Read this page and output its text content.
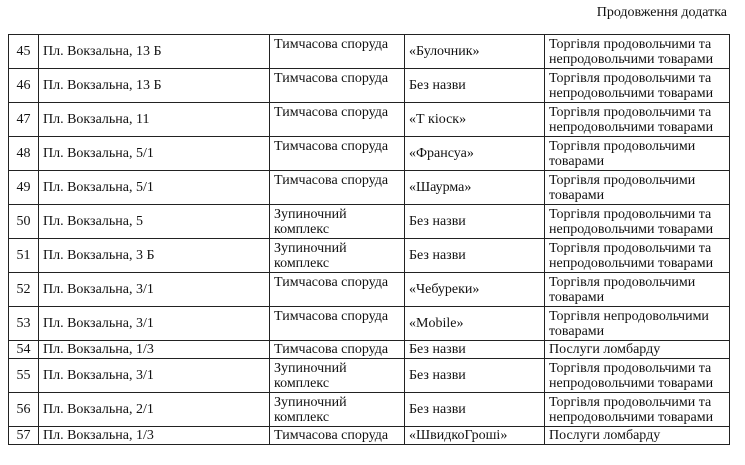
Продовження додатка
45	Пл. Вокзальна, 13 Б	Тимчасова споруда	«Булочник»	Торгівля продовольчими та непродовольчими товарами
46	Пл. Вокзальна, 13 Б	Тимчасова споруда	Без назви	Торгівля продовольчими та непродовольчими товарами
47	Пл. Вокзальна, 11	Тимчасова споруда	«Т кіоск»	Торгівля продовольчими та непродовольчими товарами
48	Пл. Вокзальна, 5/1	Тимчасова споруда	«Франсуа»	Торгівля продовольчими товарами
49	Пл. Вокзальна, 5/1	Тимчасова споруда	«Шаурма»	Торгівля продовольчими товарами
50	Пл. Вокзальна, 5	Зупиночний комплекс	Без назви	Торгівля продовольчими та непродовольчими товарами
51	Пл. Вокзальна, 3 Б	Зупиночний комплекс	Без назви	Торгівля продовольчими та непродовольчими товарами
52	Пл. Вокзальна, 3/1	Тимчасова споруда	«Чебуреки»	Торгівля продовольчими товарами
53	Пл. Вокзальна, 3/1	Тимчасова споруда	«Mobile»	Торгівля непродовольчими товарами
54	Пл. Вокзальна, 1/3	Тимчасова споруда	Без назви	Послуги ломбарду
55	Пл. Вокзальна, 3/1	Зупиночний комплекс	Без назви	Торгівля продовольчими та непродовольчими товарами
56	Пл. Вокзальна, 2/1	Зупиночний комплекс	Без назви	Торгівля продовольчими та непродовольчими товарами
57	Пл. Вокзальна, 1/3	Тимчасова споруда	«ШвидкоГроші»	Послуги ломбарду
